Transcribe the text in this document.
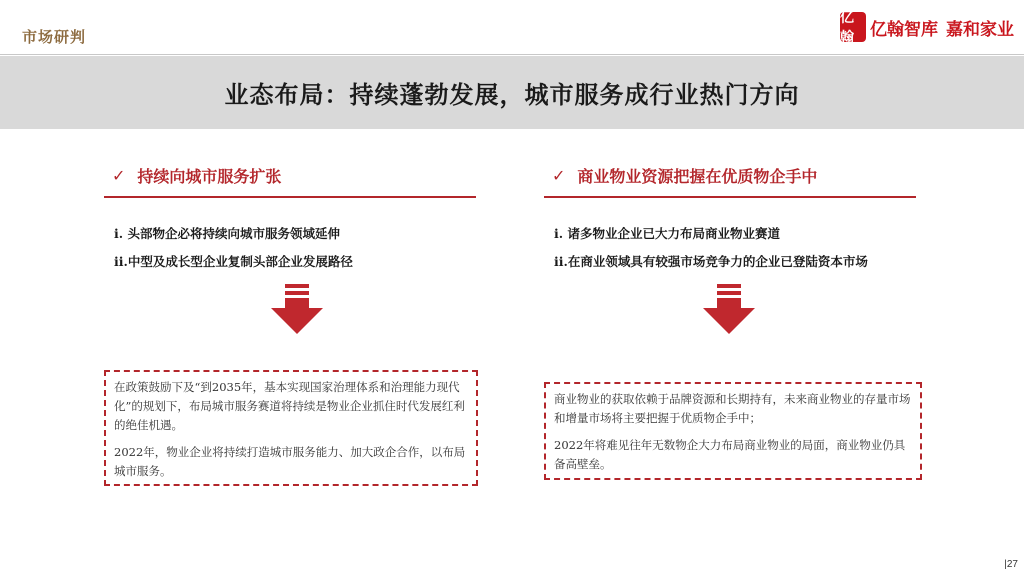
市场研判
亿翰 亿翰智库 嘉和家业
业态布局：持续蓬勃发展，城市服务成行业热门方向
✓ 持续向城市服务扩张
i. 头部物企必将持续向城市服务领域延伸
ii.中型及成长型企业复制头部企业发展路径

在政策鼓励下及“到2035年，基本实现国家治理体系和治理能力现代化”的规划下，布局城市服务赛道将持续是物业企业抓住时代发展红利的绝佳机遇。

2022年，物业企业将持续打造城市服务能力、加大政企合作，以布局城市服务。

✓ 商业物业资源把握在优质物企手中
i. 诸多物业企业已大力布局商业物业赛道
ii.在商业领域具有较强市场竞争力的企业已登陆资本市场

商业物业的获取依赖于品牌资源和长期持有，未来商业物业的存量市场和增量市场将主要把握于优质物企手中；

2022年将难见往年无数物企大力布局商业物业的局面，商业物业仍具备高壁垒。

|27
